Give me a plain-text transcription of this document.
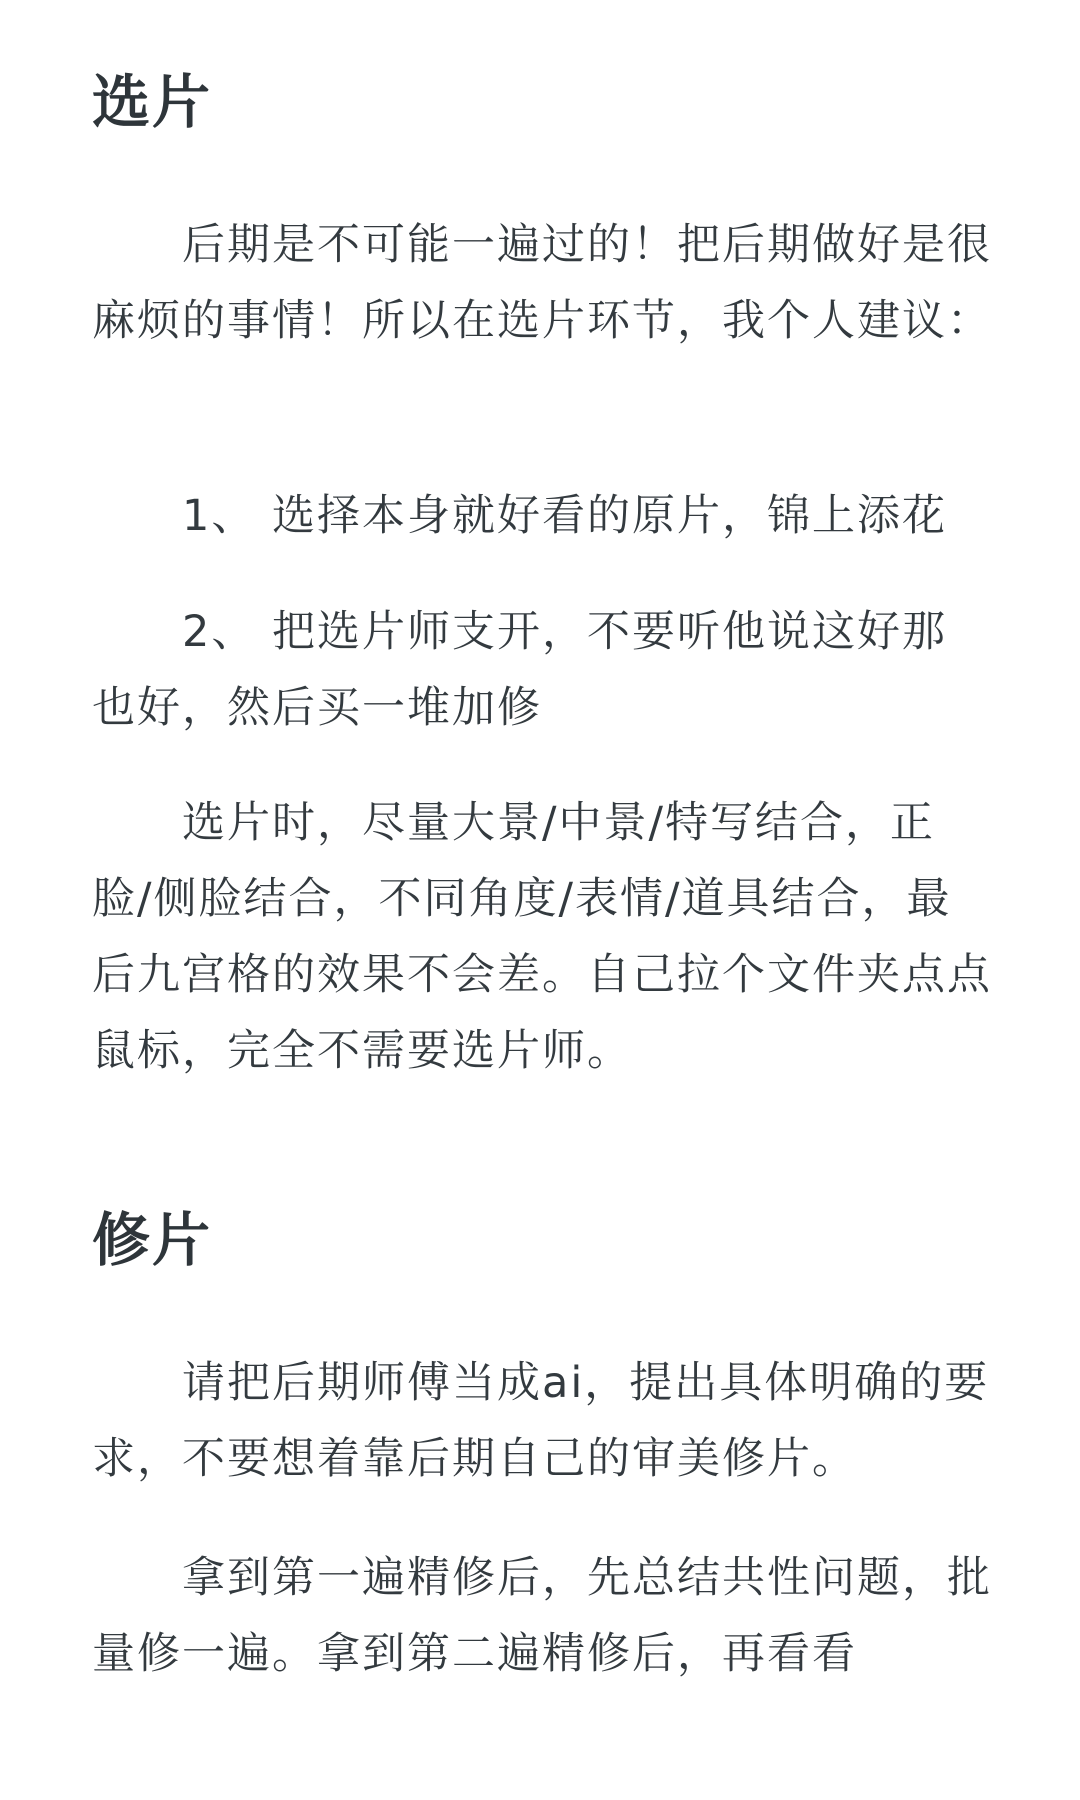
选片

后期是不可能一遍过的！把后期做好是很麻烦的事情！所以在选片环节，我个人建议：

1、 选择本身就好看的原片，锦上添花

2、 把选片师支开，不要听他说这好那也好，然后买一堆加修

选片时，尽量大景/中景/特写结合，正脸/侧脸结合，不同角度/表情/道具结合，最后九宫格的效果不会差。自己拉个文件夹点点鼠标，完全不需要选片师。

修片

请把后期师傅当成ai，提出具体明确的要求，不要想着靠后期自己的审美修片。

拿到第一遍精修后，先总结共性问题，批量修一遍。拿到第二遍精修后，再看看
